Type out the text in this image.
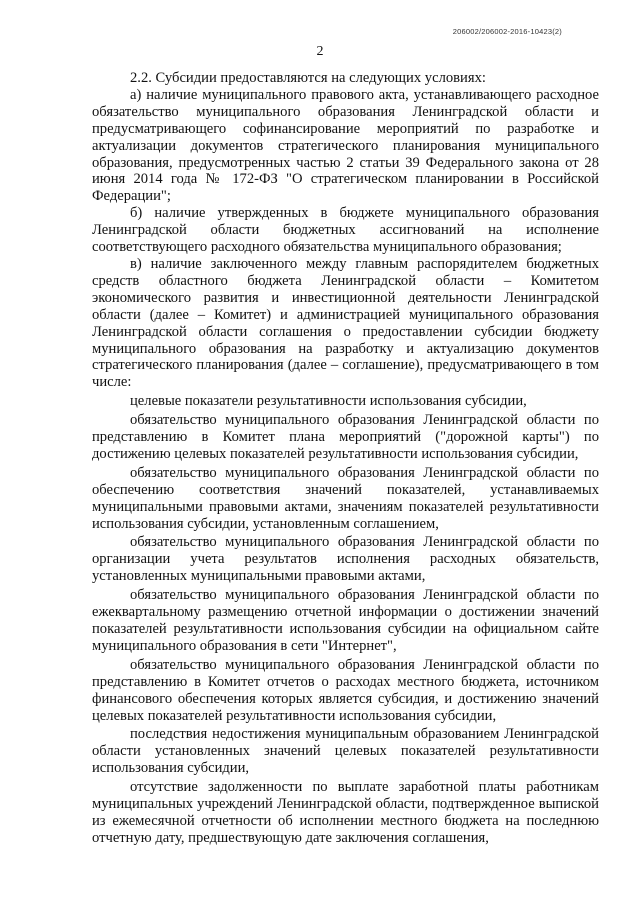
206002/206002-2016-10423(2)
2

2.2. Субсидии предоставляются на следующих условиях:

а) наличие муниципального правового акта, устанавливающего расходное обязательство муниципального образования Ленинградской области и предусматривающего софинансирование мероприятий по разработке и актуализации документов стратегического планирования муниципального образования, предусмотренных частью 2 статьи 39 Федерального закона от 28 июня 2014 года № 172-ФЗ "О стратегическом планировании в Российской Федерации";

б) наличие утвержденных в бюджете муниципального образования Ленинградской области бюджетных ассигнований на исполнение соответствующего расходного обязательства муниципального образования;

в) наличие заключенного между главным распорядителем бюджетных средств областного бюджета Ленинградской области – Комитетом экономического развития и инвестиционной деятельности Ленинградской области (далее – Комитет) и администрацией муниципального образования Ленинградской области соглашения о предоставлении субсидии бюджету муниципального образования на разработку и актуализацию документов стратегического планирования (далее – соглашение), предусматривающего в том числе:

целевые показатели результативности использования субсидии,

обязательство муниципального образования Ленинградской области по представлению в Комитет плана мероприятий ("дорожной карты") по достижению целевых показателей результативности использования субсидии,

обязательство муниципального образования Ленинградской области по обеспечению соответствия значений показателей, устанавливаемых муниципальными правовыми актами, значениям показателей результативности использования субсидии, установленным соглашением,

обязательство муниципального образования Ленинградской области по организации учета результатов исполнения расходных обязательств, установленных муниципальными правовыми актами,

обязательство муниципального образования Ленинградской области по ежеквартальному размещению отчетной информации о достижении значений показателей результативности использования субсидии на официальном сайте муниципального образования в сети "Интернет",

обязательство муниципального образования Ленинградской области по представлению в Комитет отчетов о расходах местного бюджета, источником финансового обеспечения которых является субсидия, и достижению значений целевых показателей результативности использования субсидии,

последствия недостижения муниципальным образованием Ленинградской области установленных значений целевых показателей результативности использования субсидии,

отсутствие задолженности по выплате заработной платы работникам муниципальных учреждений Ленинградской области, подтвержденное выпиской из ежемесячной отчетности об исполнении местного бюджета на последнюю отчетную дату, предшествующую дате заключения соглашения,
